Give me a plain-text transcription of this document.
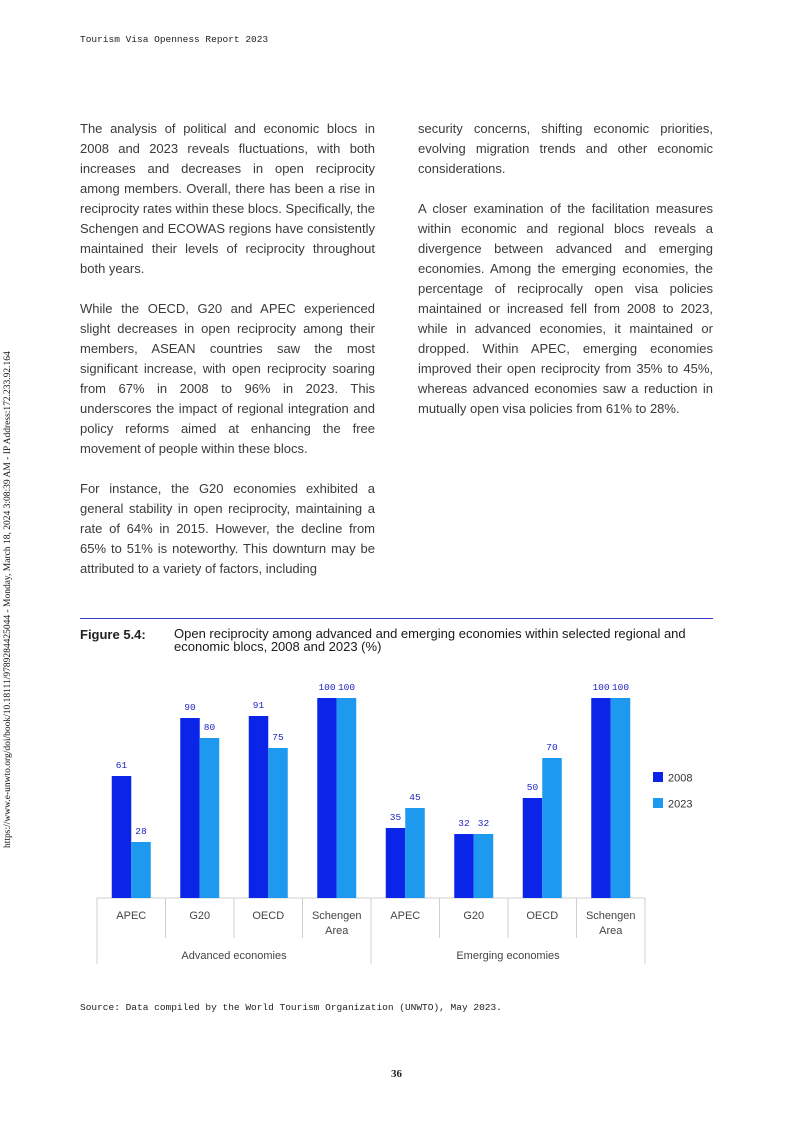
Tourism Visa Openness Report 2023
https://www.e-unwto.org/doi/book/10.18111/9789284425044 - Monday, March 18, 2024 3:08:39 AM - IP Address:172.233.92.164

The analysis of political and economic blocs in 2008 and 2023 reveals fluctuations, with both increases and decreases in open reciprocity among members. Overall, there has been a rise in reciprocity rates within these blocs. Specifically, the Schengen and ECOWAS regions have consistently maintained their levels of reciprocity throughout both years.

While the OECD, G20 and APEC experienced slight decreases in open reciprocity among their members, ASEAN countries saw the most significant increase, with open reciprocity soaring from 67% in 2008 to 96% in 2023. This underscores the impact of regional integration and policy reforms aimed at enhancing the free movement of people within these blocs.

For instance, the G20 economies exhibited a general stability in open reciprocity, maintaining a rate of 64% in 2015. However, the decline from 65% to 51% is noteworthy. This downturn may be attributed to a variety of factors, including

security concerns, shifting economic priorities, evolving migration trends and other economic considerations.

A closer examination of the facilitation measures within economic and regional blocs reveals a divergence between advanced and emerging economies. Among the emerging economies, the percentage of reciprocally open visa policies maintained or increased fell from 2008 to 2023, while in advanced economies, it maintained or dropped. Within APEC, emerging economies improved their open reciprocity from 35% to 45%, whereas advanced economies saw a reduction in mutually open visa policies from 61% to 28%.

Figure 5.4: Open reciprocity among advanced and emerging economies within selected regional and economic blocs, 2008 and 2023 (%)
61
90	91
100
35
32
50
100
28
80
75
100
45
32
70
100
APEC	G20	OECD	Schengen
Area
APEC	G20	OECD	Schengen
Area
Advanced economies	Emerging economies
2008
2023
Source: Data compiled by the World Tourism Organization (UNWTO), May 2023.
36
